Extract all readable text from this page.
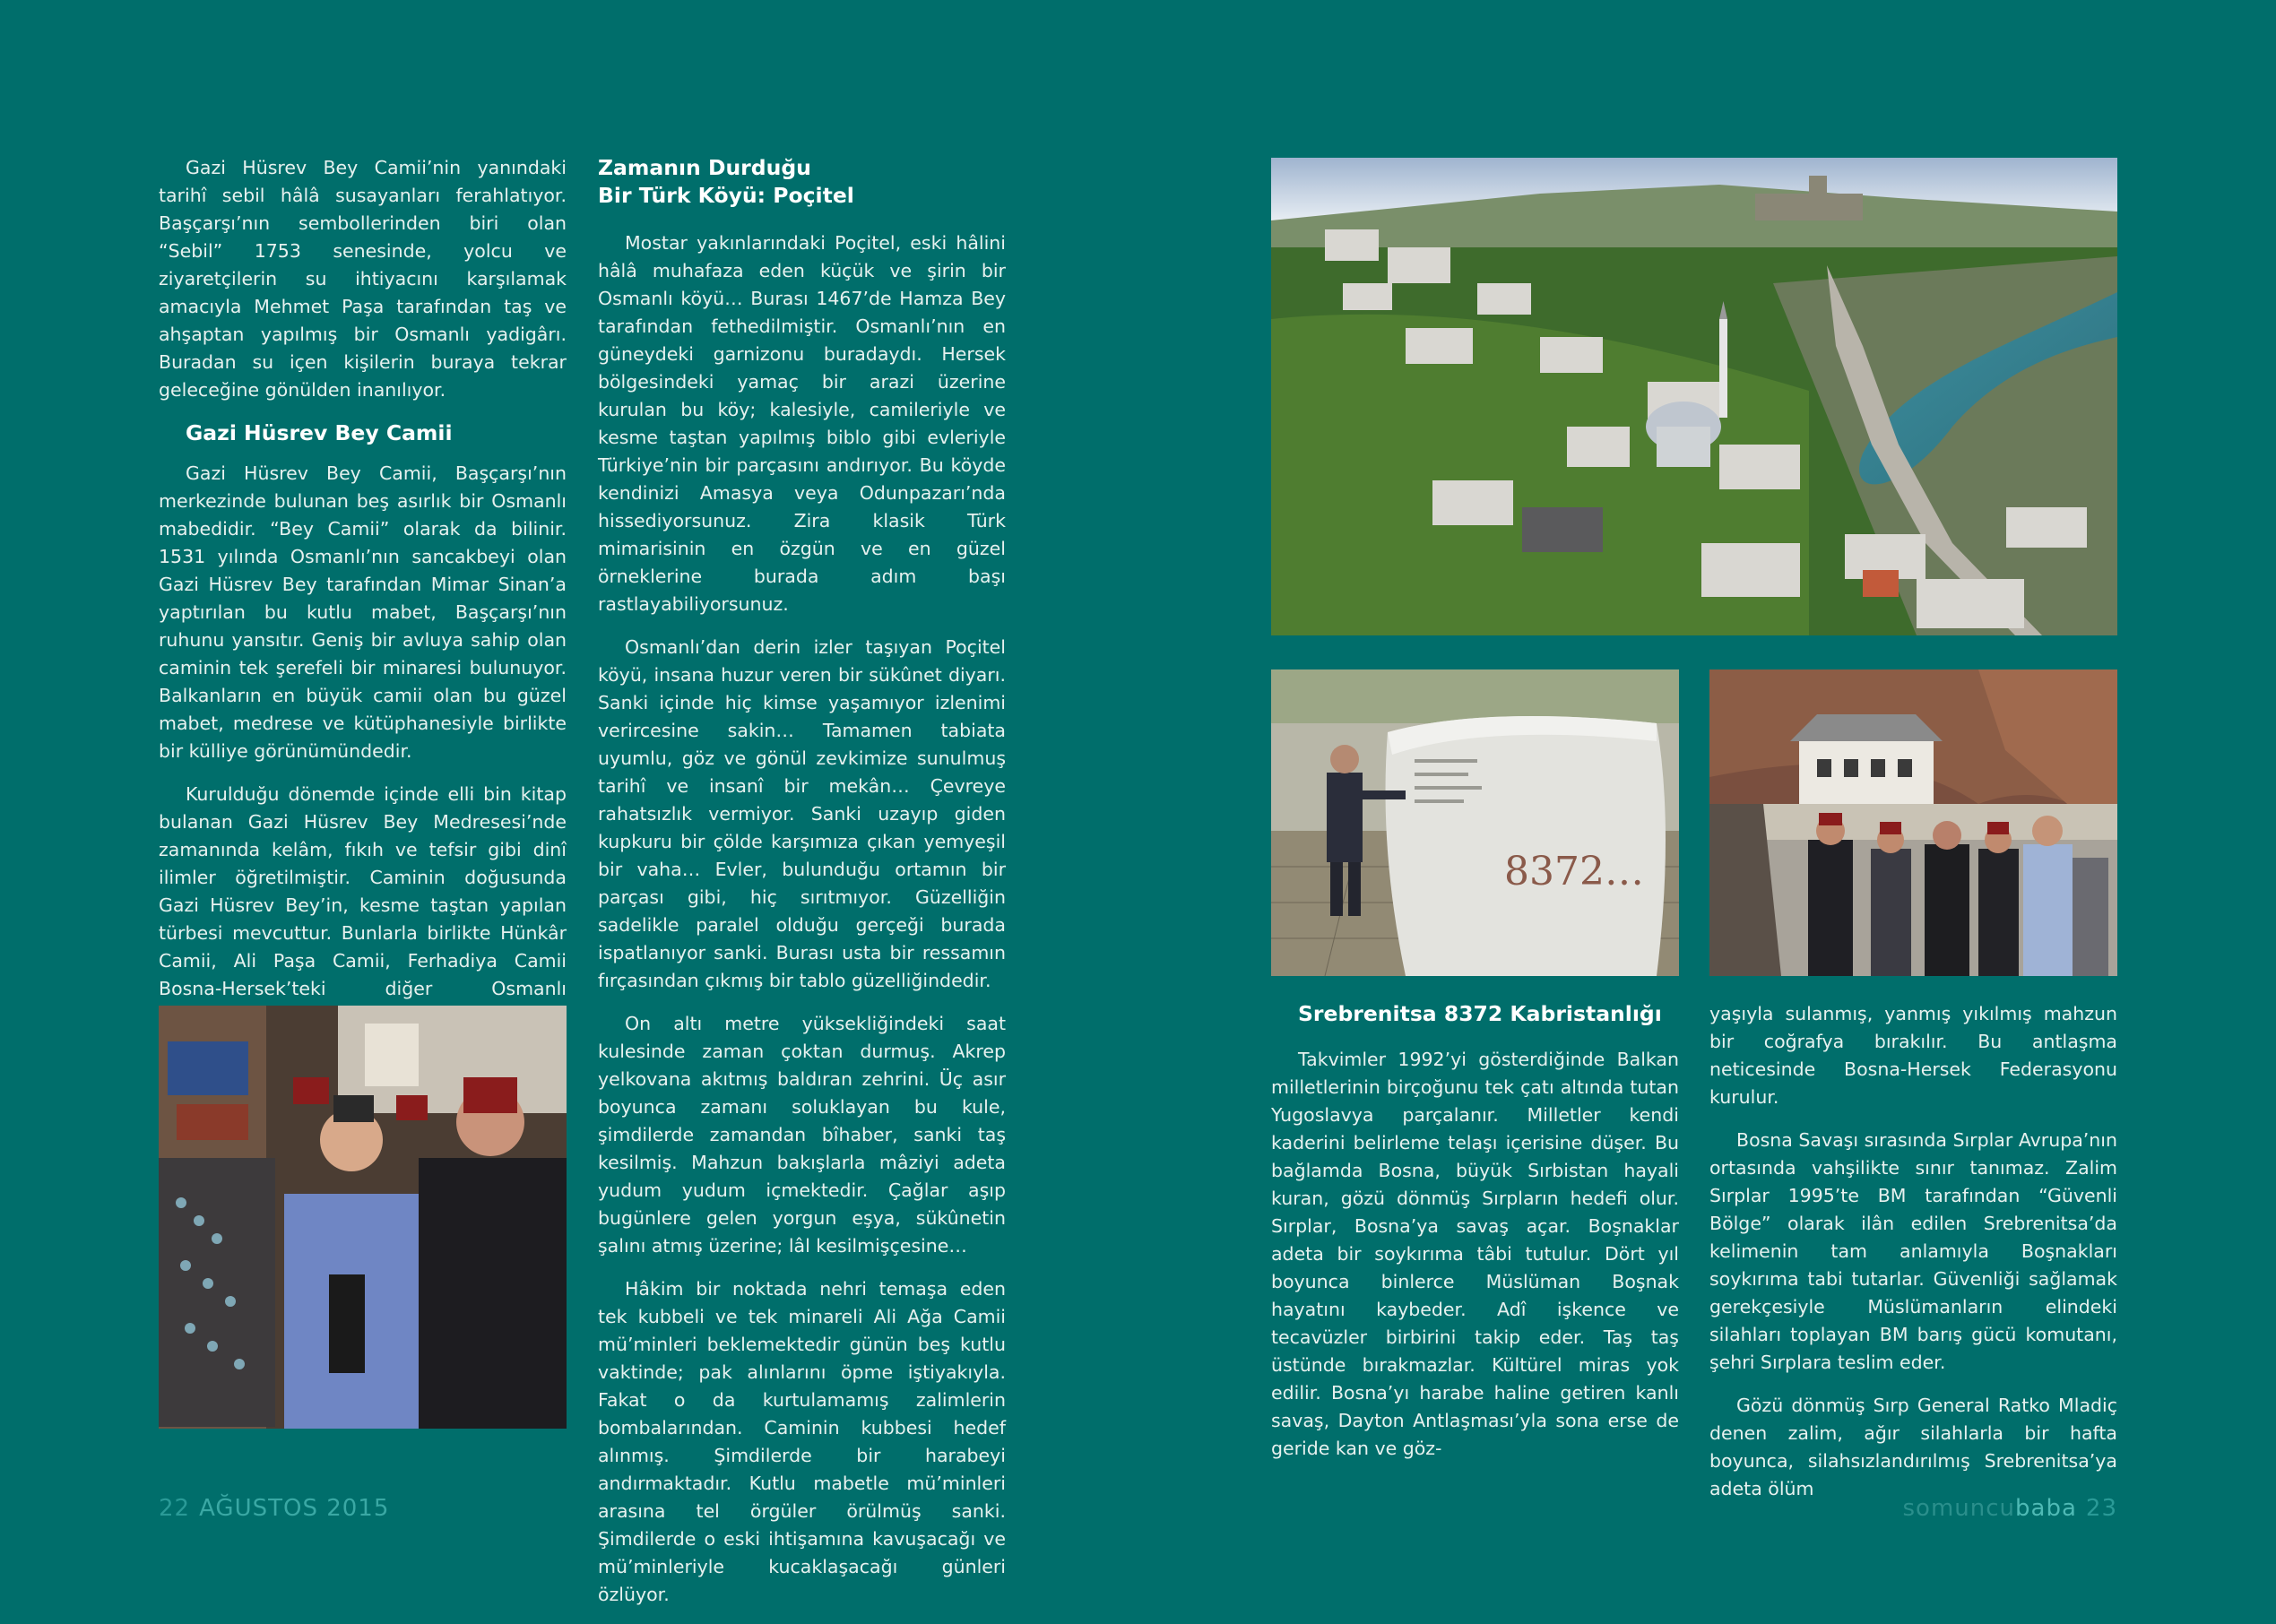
Gazi Hüsrev Bey Camii’nin yanındaki tarihî sebil hâlâ susayanları ferahlatıyor. Başçarşı’nın sembollerinden biri olan “Sebil” 1753 senesinde, yolcu ve ziyaretçilerin su ihtiyacını karşılamak amacıyla Mehmet Paşa tarafından taş ve ahşaptan yapılmış bir Osmanlı yadigârı. Buradan su içen kişilerin buraya tekrar geleceğine gönülden inanılıyor.

Gazi Hüsrev Bey Camii

Gazi Hüsrev Bey Camii, Başçarşı’nın merkezinde bulunan beş asırlık bir Osmanlı mabedidir. “Bey Camii” olarak da bilinir. 1531 yılında Osmanlı’nın sancakbeyi olan Gazi Hüsrev Bey tarafından Mimar Sinan’a yaptırılan bu kutlu mabet, Başçarşı’nın ruhunu yansıtır. Geniş bir avluya sahip olan caminin tek şerefeli bir minaresi bulunuyor. Balkanların en büyük camii olan bu güzel mabet, medrese ve kütüphanesiyle birlikte bir külliye görünümündedir.

Kurulduğu dönemde içinde elli bin kitap bulanan Gazi Hüsrev Bey Medresesi’nde zamanında kelâm, fıkıh ve tefsir gibi dinî ilimler öğretilmiştir. Caminin doğusunda Gazi Hüsrev Bey’in, kesme taştan yapılan türbesi mevcuttur. Bunlarla birlikte Hünkâr Camii, Ali Paşa Camii, Ferhadiya Camii Bosna-Hersek’teki diğer Osmanlı

Zamanın Durduğu
Bir Türk Köyü: Poçitel

Mostar yakınlarındaki Poçitel, eski hâlini hâlâ muhafaza eden küçük ve şirin bir Osmanlı köyü… Burası 1467’de Hamza Bey tarafından fethedilmiştir. Osmanlı’nın en güneydeki garnizonu buradaydı. Hersek bölgesindeki yamaç bir arazi üzerine kurulan bu köy; kalesiyle, camileriyle ve kesme taştan yapılmış biblo gibi evleriyle Türkiye’nin bir parçasını andırıyor. Bu köyde kendinizi Amasya veya Odunpazarı’nda hissediyorsunuz. Zira klasik Türk mimarisinin en özgün ve en güzel örneklerine burada adım başı rastlayabiliyorsunuz.

Osmanlı’dan derin izler taşıyan Poçitel köyü, insana huzur veren bir sükûnet diyarı. Sanki içinde hiç kimse yaşamıyor izlenimi verircesine sakin… Tamamen tabiata uyumlu, göz ve gönül zevkimize sunulmuş tarihî ve insanî bir mekân… Çevreye rahatsızlık vermiyor. Sanki uzayıp giden kupkuru bir çölde karşımıza çıkan yemyeşil bir vaha… Evler, bulunduğu ortamın bir parçası gibi, hiç sırıtmıyor. Güzelliğin sadelikle paralel olduğu gerçeği burada ispatlanıyor sanki. Burası usta bir ressamın fırçasından çıkmış bir tablo güzelliğindedir.

On altı metre yüksekliğindeki saat kulesinde zaman çoktan durmuş. Akrep yelkovana akıtmış baldıran zehrini. Üç asır boyunca zamanı soluklayan bu kule, şimdilerde zamandan bîhaber, sanki taş kesilmiş. Mahzun bakışlarla mâziyi adeta yudum yudum içmektedir. Çağlar aşıp bugünlere gelen yorgun eşya, sükûnetin şalını atmış üzerine; lâl kesilmişçesine…

Hâkim bir noktada nehri temaşa eden tek kubbeli ve tek minareli Ali Ağa Camii mü’minleri beklemektedir günün beş kutlu vaktinde; pak alınlarını öpme iştiyakıyla. Fakat o da kurtulamamış zalimlerin bombalarından. Caminin kubbesi hedef alınmış. Şimdilerde bir harabeyi andırmaktadır. Kutlu mabetle mü’minleri arasına tel örgüler örülmüş sanki. Şimdilerde o eski ihtişamına kavuşacağı ve mü’minleriyle kucaklaşacağı günleri özlüyor.

8372…
Srebrenitsa 8372 Kabristanlığı

Takvimler 1992’yi gösterdiğinde Balkan milletlerinin birçoğunu tek çatı altında tutan Yugoslavya parçalanır. Milletler kendi kaderini belirleme telaşı içerisine düşer. Bu bağlamda Bosna, büyük Sırbistan hayali kuran, gözü dönmüş Sırpların hedefi olur. Sırplar, Bosna’ya savaş açar. Boşnaklar adeta bir soykırıma tâbi tutulur. Dört yıl boyunca binlerce Müslüman Boşnak hayatını kaybeder. Adî işkence ve tecavüzler birbirini takip eder. Taş taş üstünde bırakmazlar. Kültürel miras yok edilir. Bosna’yı harabe haline getiren kanlı savaş, Dayton Antlaşması’yla sona erse de geride kan ve göz-

yaşıyla sulanmış, yanmış yıkılmış mahzun bir coğrafya bırakılır. Bu antlaşma neticesinde Bosna-Hersek Federasyonu kurulur.

Bosna Savaşı sırasında Sırplar Avrupa’nın ortasında vahşilikte sınır tanımaz. Zalim Sırplar 1995’te BM tarafından “Güvenli Bölge” olarak ilân edilen Srebrenitsa’da kelimenin tam anlamıyla Boşnakları soykırıma tabi tutarlar. Güvenliği sağlamak gerekçesiyle Müslümanların elindeki silahları toplayan BM barış gücü komutanı, şehri Sırplara teslim eder.

Gözü dönmüş Sırp General Ratko Mladiç denen zalim, ağır silahlarla bir hafta boyunca, silahsızlandırılmış Srebrenitsa’ya adeta ölüm

22 AĞUSTOS 2015	somuncubaba 23
